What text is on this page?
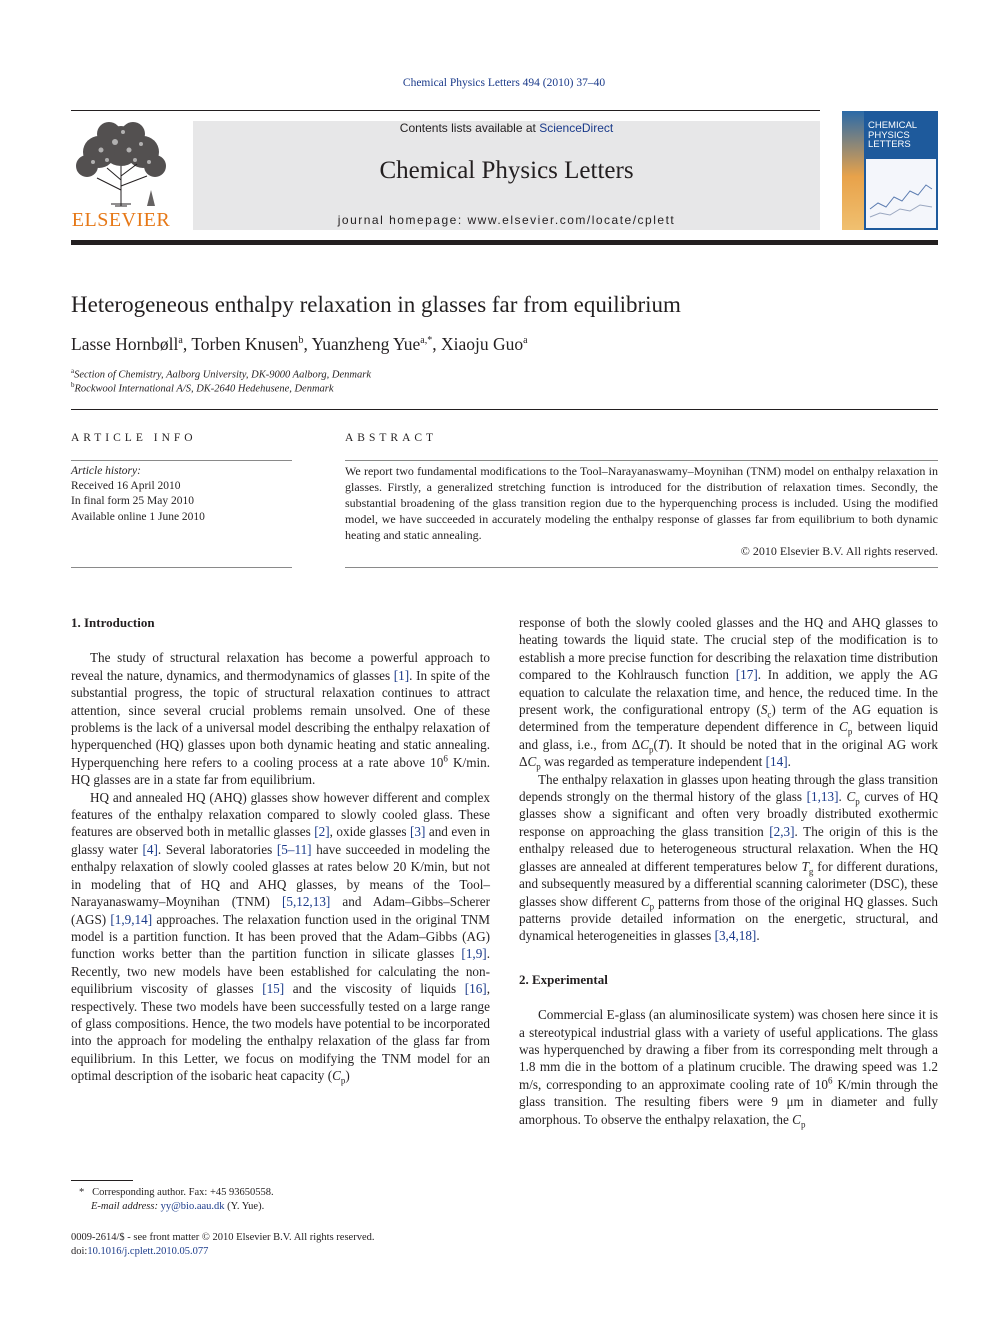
Chemical Physics Letters 494 (2010) 37–40
ELSEVIER
Contents lists available at ScienceDirect
Chemical Physics Letters
journal homepage: www.elsevier.com/locate/cplett
CHEMICAL PHYSICS LETTERS
Heterogeneous enthalpy relaxation in glasses far from equilibrium
Lasse Hornbøll$^a$, Torben Knusen$^b$, Yuanzheng Yue$^{a,*}$, Xiaoju Guo$^a$
$^a$Section of Chemistry, Aalborg University, DK-9000 Aalborg, Denmark
$^b$Rockwool International A/S, DK-2640 Hedehusene, Denmark
ARTICLE INFO	ABSTRACT
Article history:
Received 16 April 2010
In final form 25 May 2010
Available online 1 June 2010
We report two fundamental modifications to the Tool–Narayanaswamy–Moynihan (TNM) model on enthalpy relaxation in glasses. Firstly, a generalized stretching function is introduced for the distribution of relaxation times. Secondly, the substantial broadening of the glass transition region due to the hyperquenching process is included. Using the modified model, we have succeeded in accurately modeling the enthalpy response of glasses far from equilibrium to both dynamic heating and static annealing.
© 2010 Elsevier B.V. All rights reserved.
1. Introduction

The study of structural relaxation has become a powerful approach to reveal the nature, dynamics, and thermodynamics of glasses [1]. In spite of the substantial progress, the topic of structural relaxation continues to attract attention, since several crucial problems remain unsolved. One of these problems is the lack of a universal model describing the enthalpy relaxation of hyperquenched (HQ) glasses upon both dynamic heating and static annealing. Hyperquenching here refers to a cooling process at a rate above $10^6$ K/min. HQ glasses are in a state far from equilibrium.

HQ and annealed HQ (AHQ) glasses show however different and complex features of the enthalpy relaxation compared to slowly cooled glass. These features are observed both in metallic glasses [2], oxide glasses [3] and even in glassy water [4]. Several laboratories [5–11] have succeeded in modeling the enthalpy relaxation of slowly cooled glasses at rates below 20 K/min, but not in modeling that of HQ and AHQ glasses, by means of the Tool–Narayanaswamy–Moynihan (TNM) [5,12,13] and Adam–Gibbs–Scherer (AGS) [1,9,14] approaches. The relaxation function used in the original TNM model is a partition function. It has been proved that the Adam–Gibbs (AG) function works better than the partition function in silicate glasses [1,9]. Recently, two new models have been established for calculating the non-equilibrium viscosity of glasses [15] and the viscosity of liquids [16], respectively. These two models have been successfully tested on a large range of glass compositions. Hence, the two models have potential to be incorporated into the approach for modeling the enthalpy relaxation of the glass far from equilibrium. In this Letter, we focus on modifying the TNM model for an optimal description of the isobaric heat capacity $(C_p)$

response of both the slowly cooled glasses and the HQ and AHQ glasses to heating towards the liquid state. The crucial step of the modification is to establish a more precise function for describing the relaxation time distribution compared to the Kohlrausch function [17]. In addition, we apply the AG equation to calculate the relaxation time, and hence, the reduced time. In the present work, the configurational entropy $(S_c)$ term of the AG equation is determined from the temperature dependent difference in $C_p$ between liquid and glass, i.e., from $\Delta C_p(T)$. It should be noted that in the original AG work $\Delta C_p$ was regarded as temperature independent [14].

The enthalpy relaxation in glasses upon heating through the glass transition depends strongly on the thermal history of the glass [1,13]. $C_p$ curves of HQ glasses show a significant and often very broadly distributed exothermic response on approaching the glass transition [2,3]. The origin of this is the enthalpy released due to heterogeneous structural relaxation. When the HQ glasses are annealed at different temperatures below $T_g$ for different durations, and subsequently measured by a differential scanning calorimeter (DSC), these glasses show different $C_p$ patterns from those of the original HQ glasses. Such patterns provide detailed information on the energetic, structural, and dynamical heterogeneities in glasses [3,4,18].

2. Experimental

Commercial E-glass (an aluminosilicate system) was chosen here since it is a stereotypical industrial glass with a variety of useful applications. The glass was hyperquenched by drawing a fiber from its corresponding melt through a 1.8 mm die in the bottom of a platinum crucible. The drawing speed was 1.2 m/s, corresponding to an approximate cooling rate of $10^6$ K/min through the glass transition. The resulting fibers were 9 μm in diameter and fully amorphous. To observe the enthalpy relaxation, the $C_p$

* Corresponding author. Fax: +45 93650558.
E-mail address: yy@bio.aau.dk (Y. Yue).
0009-2614/$ - see front matter © 2010 Elsevier B.V. All rights reserved.
doi:10.1016/j.cplett.2010.05.077
